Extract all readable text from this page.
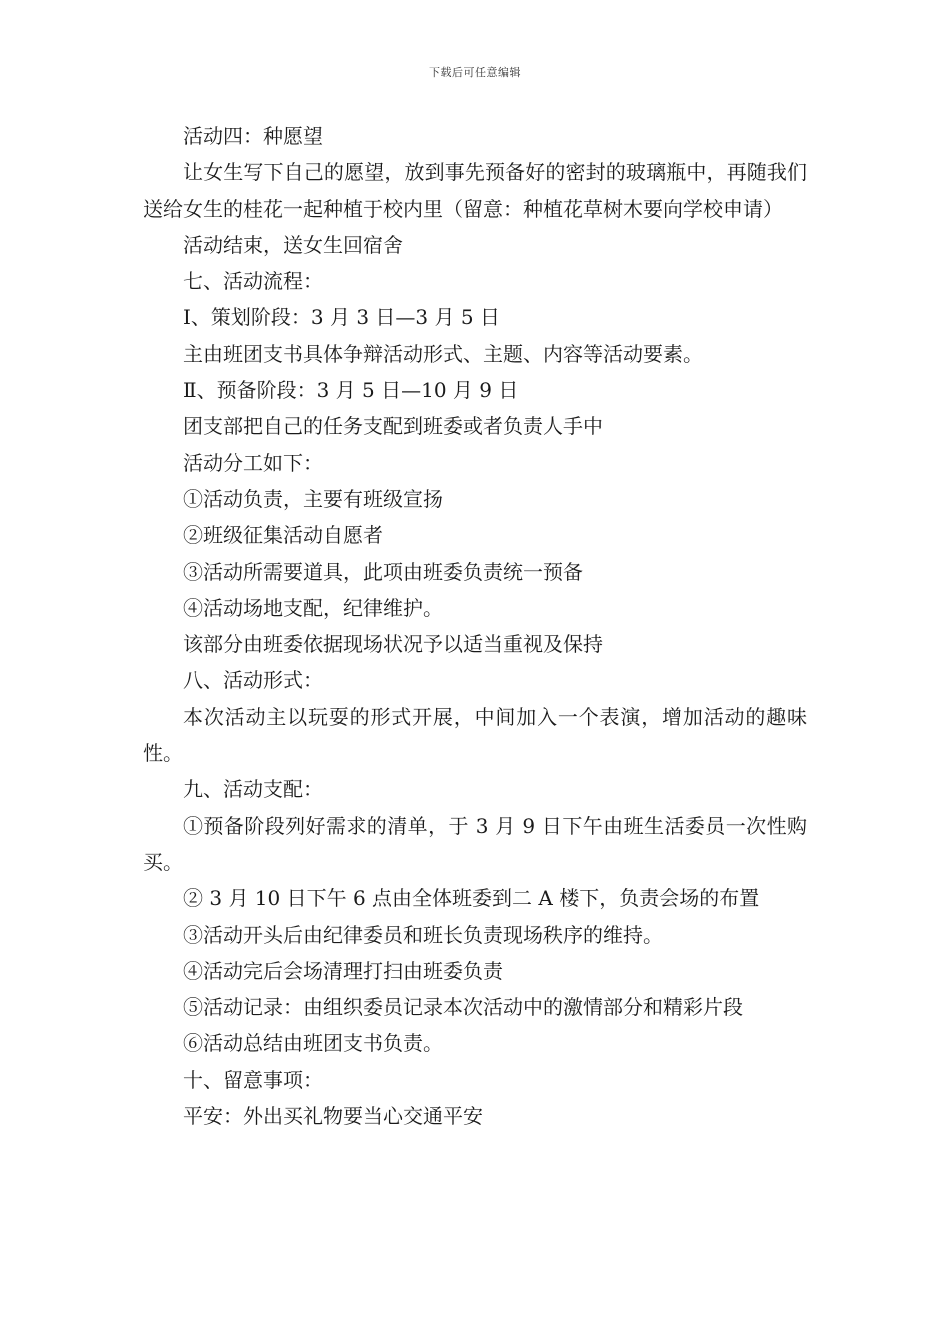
下载后可任意编辑

活动四：种愿望

让女生写下自己的愿望，放到事先预备好的密封的玻璃瓶中，再随我们送给女生的桂花一起种植于校内里（留意：种植花草树木要向学校申请）

活动结束，送女生回宿舍

七、活动流程：

Ⅰ、策划阶段：3 月 3 日—3 月 5 日

主由班团支书具体争辩活动形式、主题、内容等活动要素。

Ⅱ、预备阶段：3 月 5 日—10 月 9 日

团支部把自己的任务支配到班委或者负责人手中

活动分工如下：

①活动负责，主要有班级宣扬

②班级征集活动自愿者

③活动所需要道具，此项由班委负责统一预备

④活动场地支配，纪律维护。

该部分由班委依据现场状况予以适当重视及保持

八、活动形式：

本次活动主以玩耍的形式开展，中间加入一个表演，增加活动的趣味性。

九、活动支配：

①预备阶段列好需求的清单，于 3 月 9 日下午由班生活委员一次性购买。

② 3 月 10 日下午 6 点由全体班委到二 A 楼下，负责会场的布置

③活动开头后由纪律委员和班长负责现场秩序的维持。

④活动完后会场清理打扫由班委负责

⑤活动记录：由组织委员记录本次活动中的激情部分和精彩片段

⑥活动总结由班团支书负责。

十、留意事项：

平安：外出买礼物要当心交通平安
